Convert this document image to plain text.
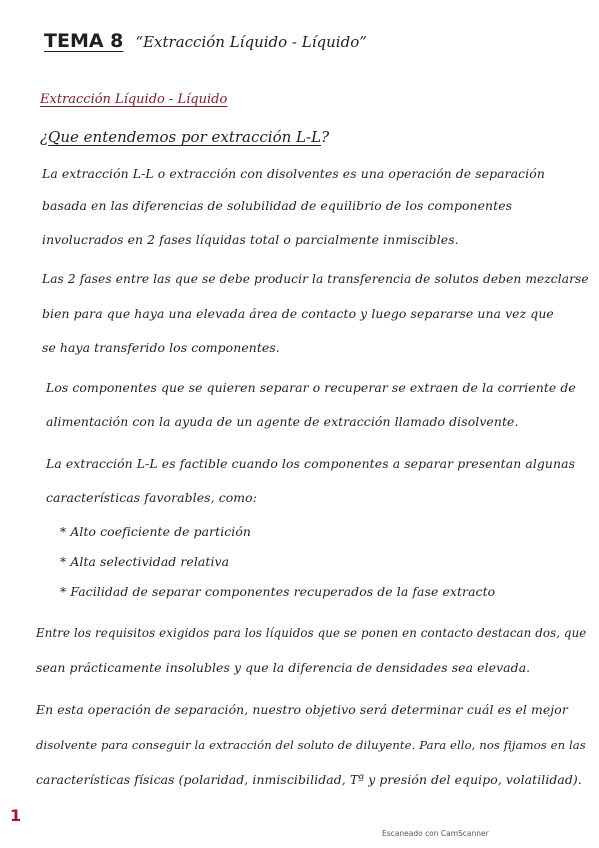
TEMA 8 “Extracción Líquido - Líquido”
Extracción Líquido - Líquido
¿Que entendemos por extracción L-L?
La extracción L-L o extracción con disolventes es una operación de separación
basada en las diferencias de solubilidad de equilibrio de los componentes
involucrados en 2 fases líquidas total o parcialmente inmiscibles.
Las 2 fases entre las que se debe producir la transferencia de solutos deben mezclarse
bien para que haya una elevada área de contacto y luego separarse una vez que
se haya transferido los componentes.
Los componentes que se quieren separar o recuperar se extraen de la corriente de
alimentación con la ayuda de un agente de extracción llamado disolvente.
La extracción L-L es factible cuando los componentes a separar presentan algunas
características favorables, como:
* Alto coeficiente de partición
* Alta selectividad relativa
* Facilidad de separar componentes recuperados de la fase extracto
Entre los requisitos exigidos para los líquidos que se ponen en contacto destacan dos, que
sean prácticamente insolubles y que la diferencia de densidades sea elevada.
En esta operación de separación, nuestro objetivo será determinar cuál es el mejor
disolvente para conseguir la extracción del soluto de diluyente. Para ello, nos fijamos en las
características físicas (polaridad, inmiscibilidad, Tª y presión del equipo, volatilidad).
1
Escaneado con CamScanner
